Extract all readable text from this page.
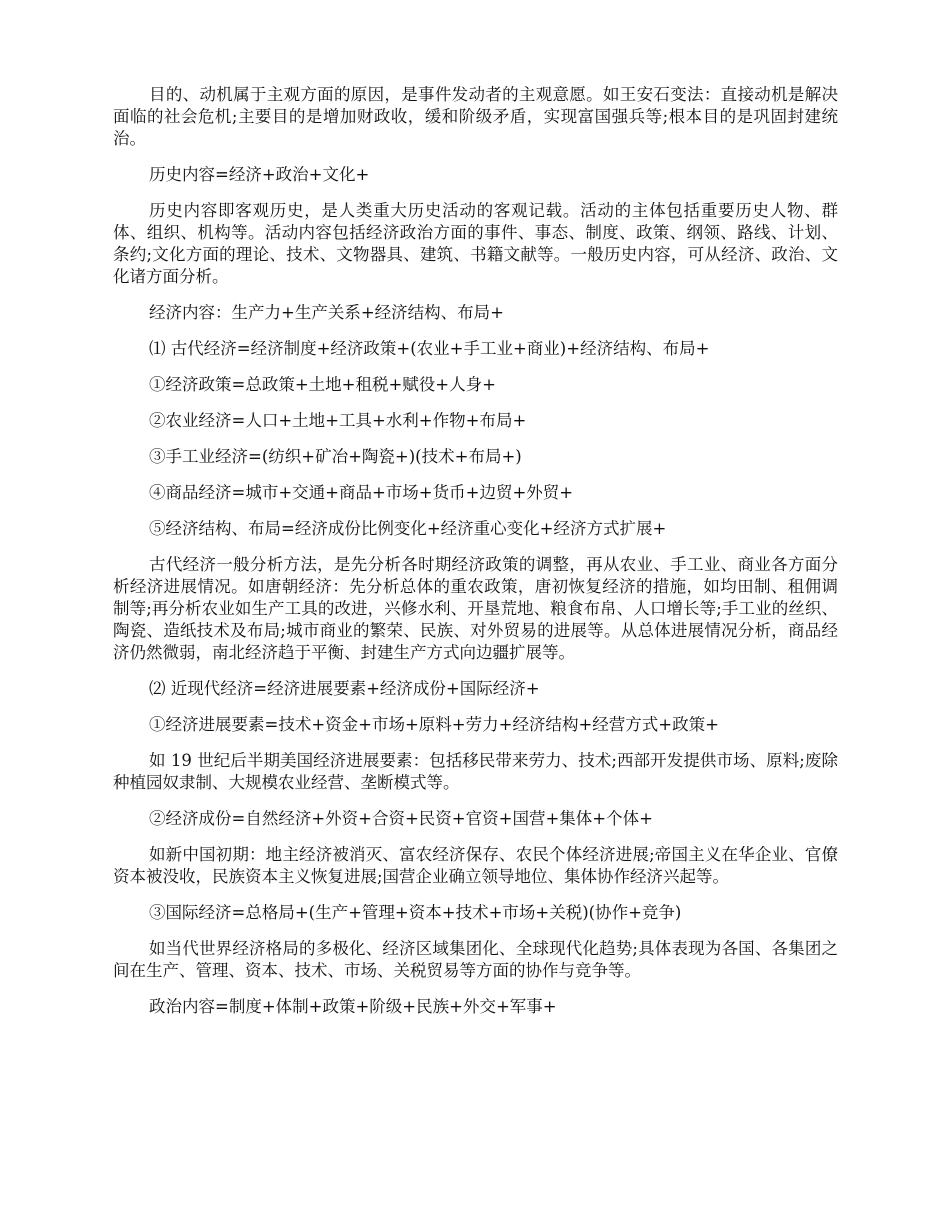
目的、动机属于主观方面的原因，是事件发动者的主观意愿。如王安石变法：直接动机是解决面临的社会危机;主要目的是增加财政收，缓和阶级矛盾，实现富国强兵等;根本目的是巩固封建统治。

历史内容=经济+政治+文化+

历史内容即客观历史，是人类重大历史活动的客观记载。活动的主体包括重要历史人物、群体、组织、机构等。活动内容包括经济政治方面的事件、事态、制度、政策、纲领、路线、计划、条约;文化方面的理论、技术、文物器具、建筑、书籍文献等。一般历史内容，可从经济、政治、文化诸方面分析。

经济内容：生产力+生产关系+经济结构、布局+

⑴ 古代经济=经济制度+经济政策+(农业+手工业+商业)+经济结构、布局+

①经济政策=总政策+土地+租税+赋役+人身+

②农业经济=人口+土地+工具+水利+作物+布局+

③手工业经济=(纺织+矿冶+陶瓷+)(技术+布局+)

④商品经济=城市+交通+商品+市场+货币+边贸+外贸+

⑤经济结构、布局=经济成份比例变化+经济重心变化+经济方式扩展+

古代经济一般分析方法，是先分析各时期经济政策的调整，再从农业、手工业、商业各方面分析经济进展情况。如唐朝经济：先分析总体的重农政策，唐初恢复经济的措施，如均田制、租佣调制等;再分析农业如生产工具的改进，兴修水利、开垦荒地、粮食布帛、人口增长等;手工业的丝织、陶瓷、造纸技术及布局;城市商业的繁荣、民族、对外贸易的进展等。从总体进展情况分析，商品经济仍然微弱，南北经济趋于平衡、封建生产方式向边疆扩展等。

⑵ 近现代经济=经济进展要素+经济成份+国际经济+

①经济进展要素=技术+资金+市场+原料+劳力+经济结构+经营方式+政策+

如 19 世纪后半期美国经济进展要素：包括移民带来劳力、技术;西部开发提供市场、原料;废除种植园奴隶制、大规模农业经营、垄断模式等。

②经济成份=自然经济+外资+合资+民资+官资+国营+集体+个体+

如新中国初期：地主经济被消灭、富农经济保存、农民个体经济进展;帝国主义在华企业、官僚资本被没收，民族资本主义恢复进展;国营企业确立领导地位、集体协作经济兴起等。

③国际经济=总格局+(生产+管理+资本+技术+市场+关税)(协作+竞争)

如当代世界经济格局的多极化、经济区域集团化、全球现代化趋势;具体表现为各国、各集团之间在生产、管理、资本、技术、市场、关税贸易等方面的协作与竞争等。

政治内容=制度+体制+政策+阶级+民族+外交+军事+
